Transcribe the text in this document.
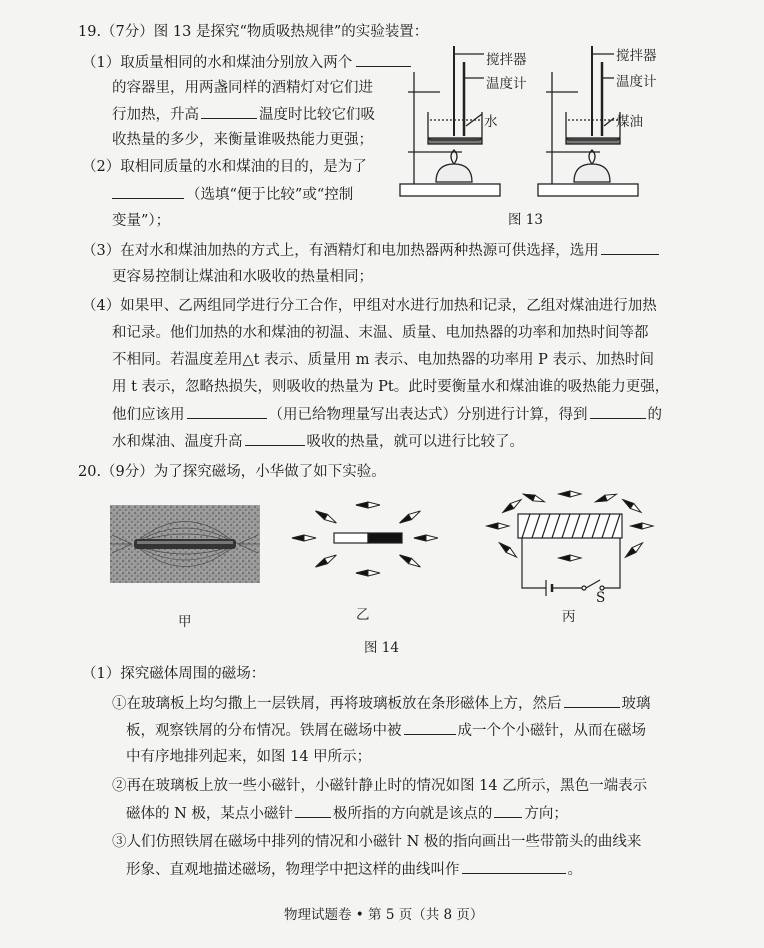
19.（7分）图 13 是探究“物质吸热规律”的实验装置：
（1）取质量相同的水和煤油分别放入两个
的容器里，用两盏同样的酒精灯对它们进
行加热，升高	温度时比较它们吸
收热量的多少，来衡量谁吸热能力更强；
（2）取相同质量的水和煤油的目的，是为了
（选填“便于比较”或“控制
变量”）；
搅拌器
温度计
水
搅拌器
温度计
煤油
图 13
（3）在对水和煤油加热的方式上，有酒精灯和电加热器两种热源可供选择，选用
更容易控制让煤油和水吸收的热量相同；
（4）如果甲、乙两组同学进行分工合作，甲组对水进行加热和记录，乙组对煤油进行加热
和记录。他们加热的水和煤油的初温、末温、质量、电加热器的功率和加热时间等都
不相同。若温度差用△t 表示、质量用 m 表示、电加热器的功率用 P 表示、加热时间
用 t 表示，忽略热损失，则吸收的热量为 Pt。此时要衡量水和煤油谁的吸热能力更强，
他们应该用	（用已给物理量写出表达式）分别进行计算，得到	的
水和煤油、温度升高	吸收的热量，就可以进行比较了。
20.（9分）为了探究磁场，小华做了如下实验。
S
甲	乙	丙
图 14
（1）探究磁体周围的磁场：
①在玻璃板上均匀撒上一层铁屑，再将玻璃板放在条形磁体上方，然后	玻璃
板，观察铁屑的分布情况。铁屑在磁场中被	成一个个小磁针，从而在磁场
中有序地排列起来，如图 14 甲所示；
②再在玻璃板上放一些小磁针，小磁针静止时的情况如图 14 乙所示，黑色一端表示
磁体的 N 极，某点小磁针	极所指的方向就是该点的 方向；
③人们仿照铁屑在磁场中排列的情况和小磁针 N 极的指向画出一些带箭头的曲线来
形象、直观地描述磁场，物理学中把这样的曲线叫作	。
物理试题卷 • 第 5 页（共 8 页）
